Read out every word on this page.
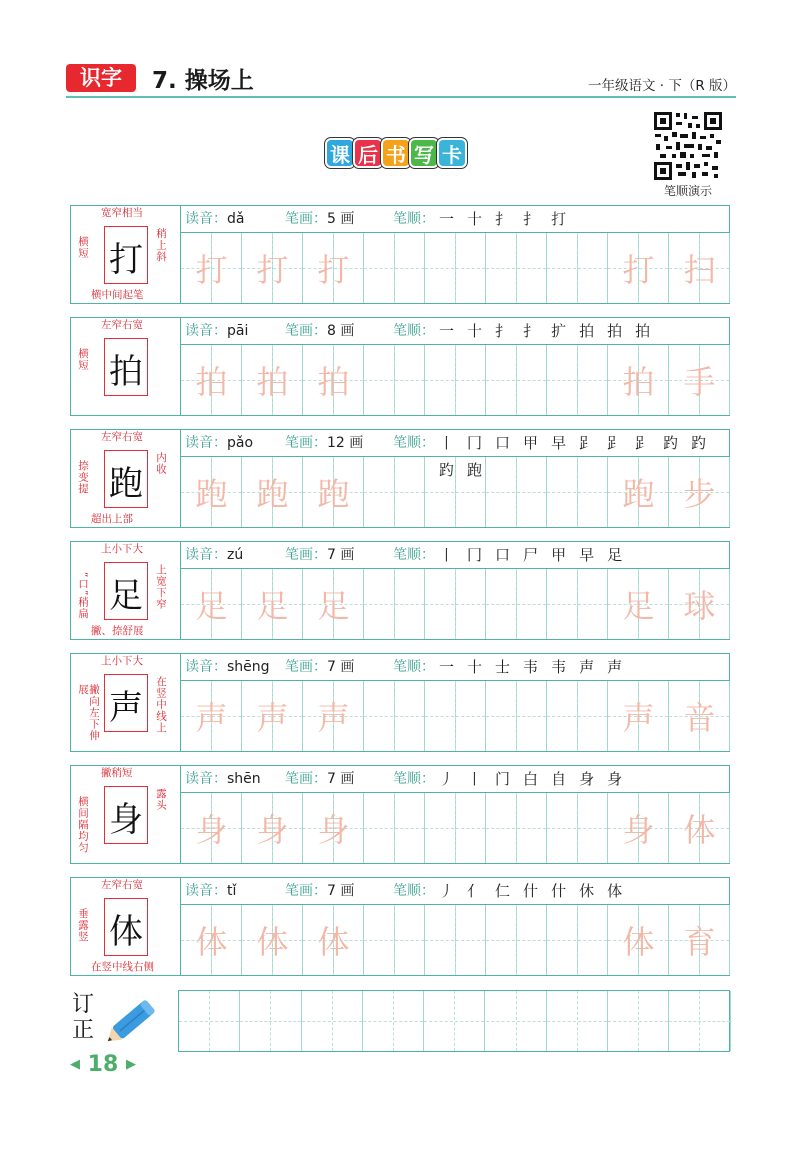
识字	7. 操场上	一年级语文 · 下（R 版）
课 后 书 写 卡
笔顺演示
打
宽窄相当
横短	稍上斜
横中间起笔
读音：dǎ	笔画：5 画	笔顺： 一 十 扌 扌 打
打 打 打	打 扫
拍
左窄右宽
横短
读音：pāi	笔画：8 画	笔顺： 一 十 扌 扌 扩 拍 拍 拍
拍 拍 拍	拍 手
跑
左窄右宽
捺变提	内收
超出上部
读音：pǎo 笔画：12 画 笔顺： 丨 冂 口 甲 早 𧾷 𧾷 𧾷 趵 趵
跑 跑 跑	跑 步
足
上小下大
“口”稍扁	上宽下窄
撇、捺舒展
读音：zú	笔画：7 画	笔顺： 丨 冂 口 尸 甲 早 足
足 足 足	足 球
声
上小下大
撇向左下伸展	在竖中线上
读音：shēng 笔画：7 画	笔顺： 一 十 士 韦 韦 声 声
声 声 声	声 音
身
撇稍短
横间隔均匀	露头
读音：shēn 笔画：7 画	笔顺： 丿 丨 门 白 自 身 身
身 身 身	身 体
体
左窄右宽
垂露竖
在竖中线右侧
读音：tǐ	笔画：7 画	笔顺： 丿 亻 仁 什 什 休 体
体 体 体	体 育
订正
◀ 18 ▶
